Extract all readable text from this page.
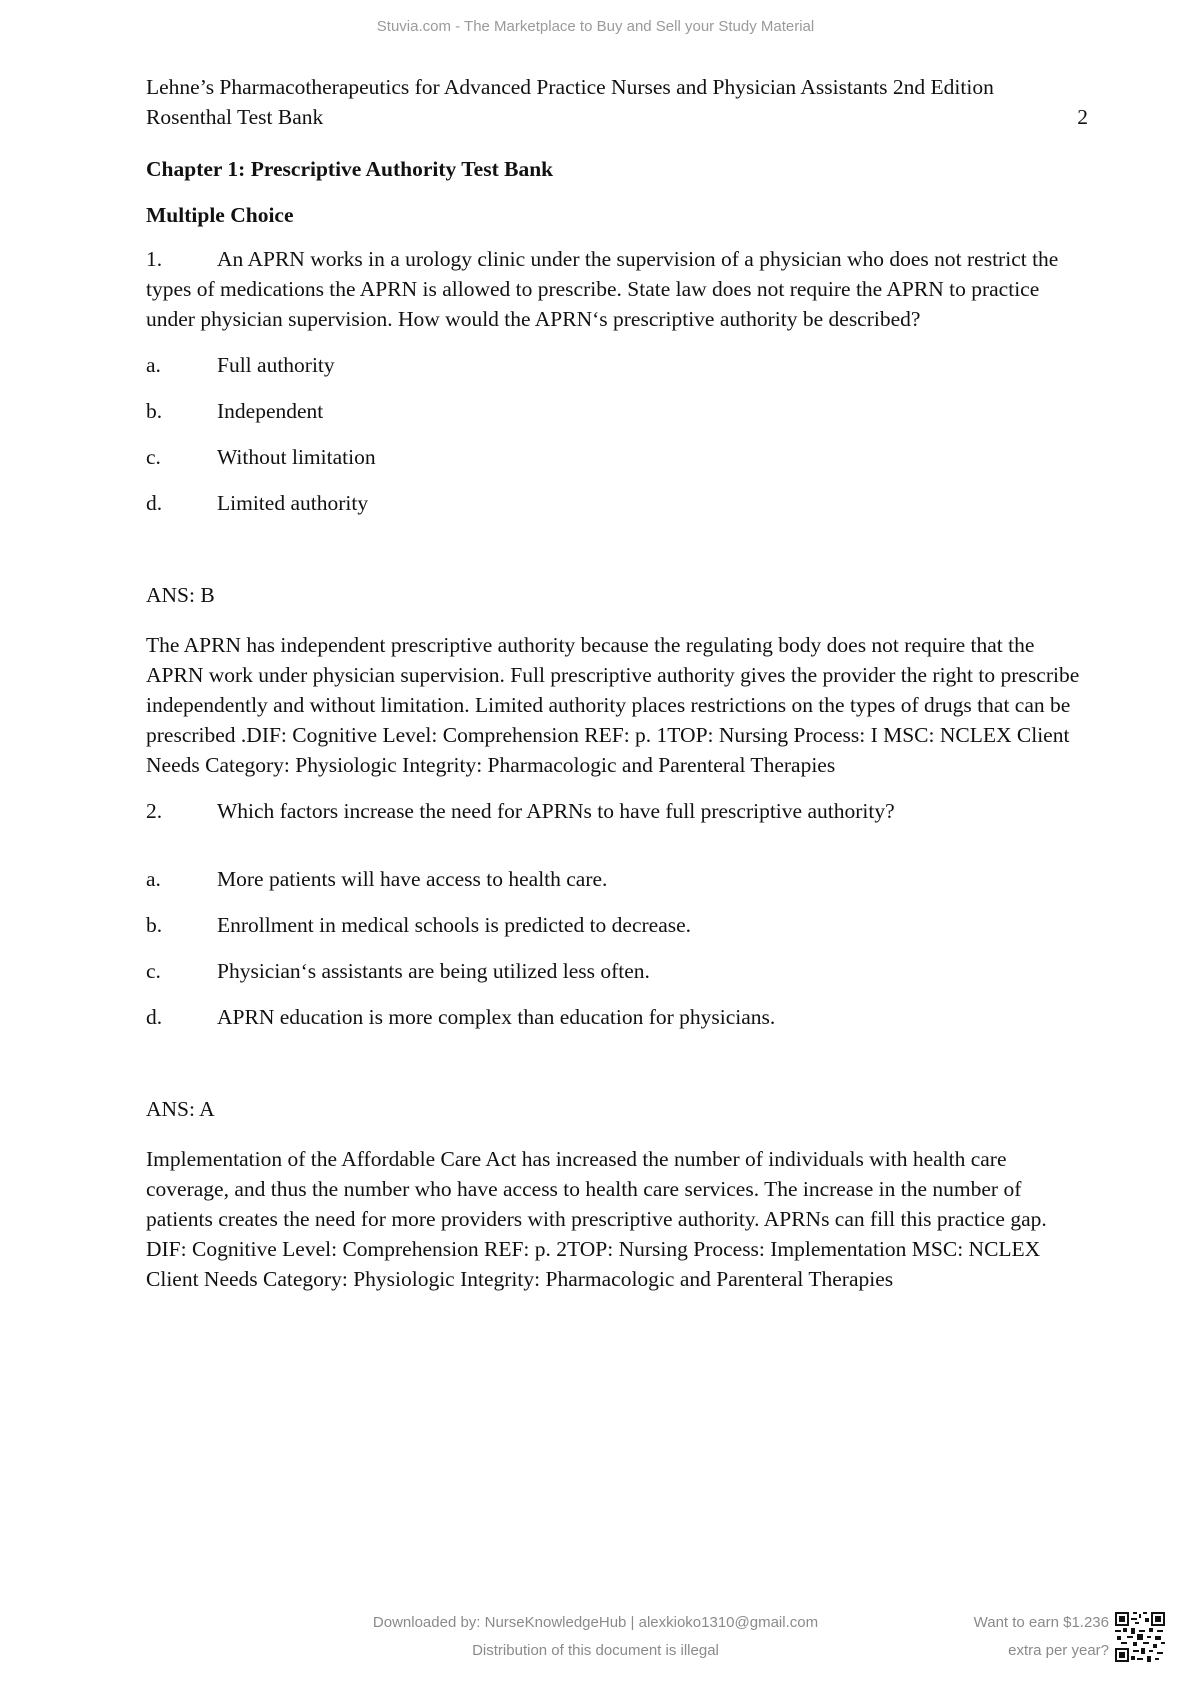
Stuvia.com - The Marketplace to Buy and Sell your Study Material

Lehne’s Pharmacotherapeutics for Advanced Practice Nurses and Physician Assistants 2nd Edition Rosenthal Test Bank	2

Chapter 1: Prescriptive Authority Test Bank

Multiple Choice

1.	An APRN works in a urology clinic under the supervision of a physician who does not restrict the types of medications the APRN is allowed to prescribe. State law does not require the APRN to practice under physician supervision. How would the APRN‘s prescriptive authority be described?

a.	Full authority

b.	Independent

c.	Without limitation

d.	Limited authority

ANS: B

The APRN has independent prescriptive authority because the regulating body does not require that the APRN work under physician supervision. Full prescriptive authority gives the provider the right to prescribe independently and without limitation. Limited authority places restrictions on the types of drugs that can be prescribed .DIF: Cognitive Level: Comprehension REF: p. 1TOP: Nursing Process: I MSC: NCLEX Client Needs Category: Physiologic Integrity: Pharmacologic and Parenteral Therapies

2.	Which factors increase the need for APRNs to have full prescriptive authority?

a.	More patients will have access to health care.

b.	Enrollment in medical schools is predicted to decrease.

c.	Physician‘s assistants are being utilized less often.

d.	APRN education is more complex than education for physicians.

ANS: A

Implementation of the Affordable Care Act has increased the number of individuals with health care coverage, and thus the number who have access to health care services. The increase in the number of patients creates the need for more providers with prescriptive authority. APRNs can fill this practice gap. DIF: Cognitive Level: Comprehension REF: p. 2TOP: Nursing Process: Implementation MSC: NCLEX Client Needs Category: Physiologic Integrity: Pharmacologic and Parenteral Therapies

Downloaded by: NurseKnowledgeHub | alexkioko1310@gmail.com
Distribution of this document is illegal
Want to earn $1.236
extra per year?
